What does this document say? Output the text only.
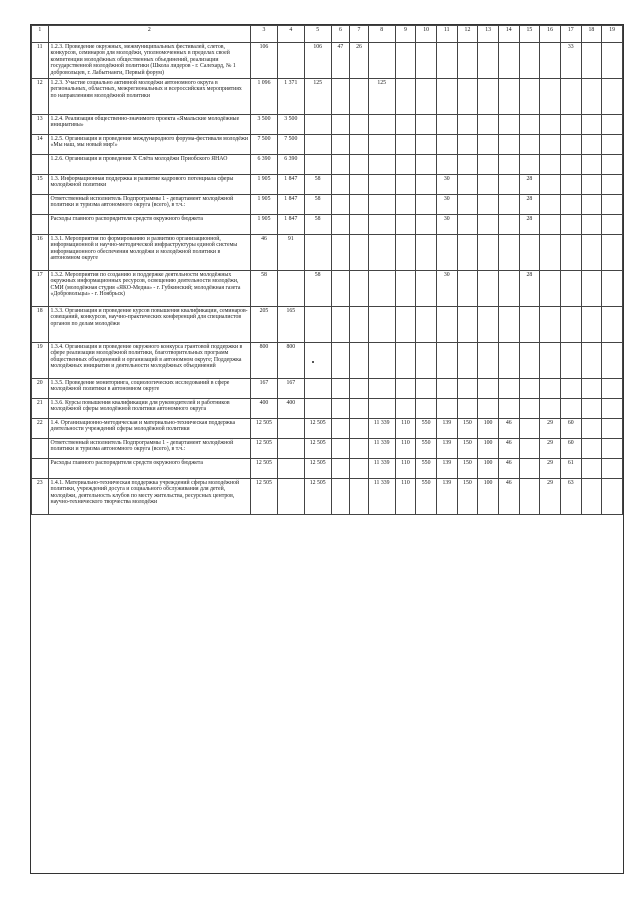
1	2	3	4	5	6	7	8	9	10	11	12	13	14	15	16	17	18	19
11	1.2.3. Проведение окружных, межмуниципальных фестивалей, слетов, конкурсов, семинаров для молодёжи, уполномоченных в пределах своей компетенции молодёжных общественных объединений, реализации государственной молодёжной политики (Школа лидеров - г. Салехард, № 1 добровольцев, г. Лабытнанги, Первый форум)	106		106	47	26										33		
12	1.2.3. Участие социально активной молодёжи автономного округа в региональных, областных, межрегиональных и всероссийских мероприятиях по направлениям молодёжной политики	1 096	1 371	125			125											
13	1.2.4. Реализация общественно-значимого проекта «Ямальские молодёжные инициативы»	3 500	3 500															
14	1.2.5. Организация и проведение международного форума-фестиваля молодёжи «Мы наш, мы новый мир!»	7 500	7 500															
	1.2.6. Организация и проведение X Слёта молодёжи Приобского ЯНАО	6 390	6 390															
15	1.3. Информационная поддержка и развитие кадрового потенциала сферы молодёжной политики	1 905	1 847	58						30				28				
	Ответственный исполнитель Подпрограммы 1 - департамент молодёжной политики и туризма автономного округа (всего), в т.ч.:	1 905	1 847	58						30				28				
	Расходы главного распорядителя средств окружного бюджета	1 905	1 847	58						30				28				
16	1.3.1. Мероприятия по формированию и развитию организационной, информационной и научно-методической инфраструктуры единой системы информационного обеспечения молодёжи и молодёжной политики в автономном округе	46	91															
17	1.3.2. Мероприятия по созданию и поддержке деятельности молодёжных окружных информационных ресурсов, освещению деятельности молодёжи, СМИ (молодёжная студия «ЯКО-Медиа» - г. Губкинский; молодёжная газета «Добровольцы» - г. Ноябрьск)	58		58						30				28				
18	1.3.3. Организация и проведение курсов повышения квалификации, семинаров-совещаний, конкурсов, научно-практических конференций для специалистов органов по делам молодёжи	205	165															
19	1.3.4. Организация и проведение окружного конкурса грантовой поддержки в сфере реализации молодёжной политики, благотворительных программ общественных объединений и организаций в автономном округе; Поддержка молодёжных инициатив и деятельности молодёжных объединений	800	800															
20	1.3.5. Проведение мониторинга, социологических исследований в сфере молодёжной политики в автономном округе	167	167															
21	1.3.6. Курсы повышения квалификации для руководителей и работников молодёжной сферы молодёжной политики автономного округа	400	400															
22	1.4. Организационно-методическая и материально-техническая поддержка деятельности учреждений сферы молодёжной политики	12 505		12 505			11 339	110	550	139	150	100	46		29	60		
	Ответственный исполнитель Подпрограммы 1 - департамент молодёжной политики и туризма автономного округа (всего), в т.ч.:	12 505		12 505			11 339	110	550	139	150	100	46		29	60		
	Расходы главного распорядителя средств окружного бюджета	12 505		12 505			11 339	110	550	139	150	100	46		29	61		
23	1.4.1. Материально-техническая поддержка учреждений сферы молодёжной политики, учреждений досуга и социального обслуживания для детей, молодёжи, деятельность клубов по месту жительства, ресурсных центров, научно-технического творчества молодёжи	12 505		12 505			11 339	110	550	139	150	100	46		29	63		
